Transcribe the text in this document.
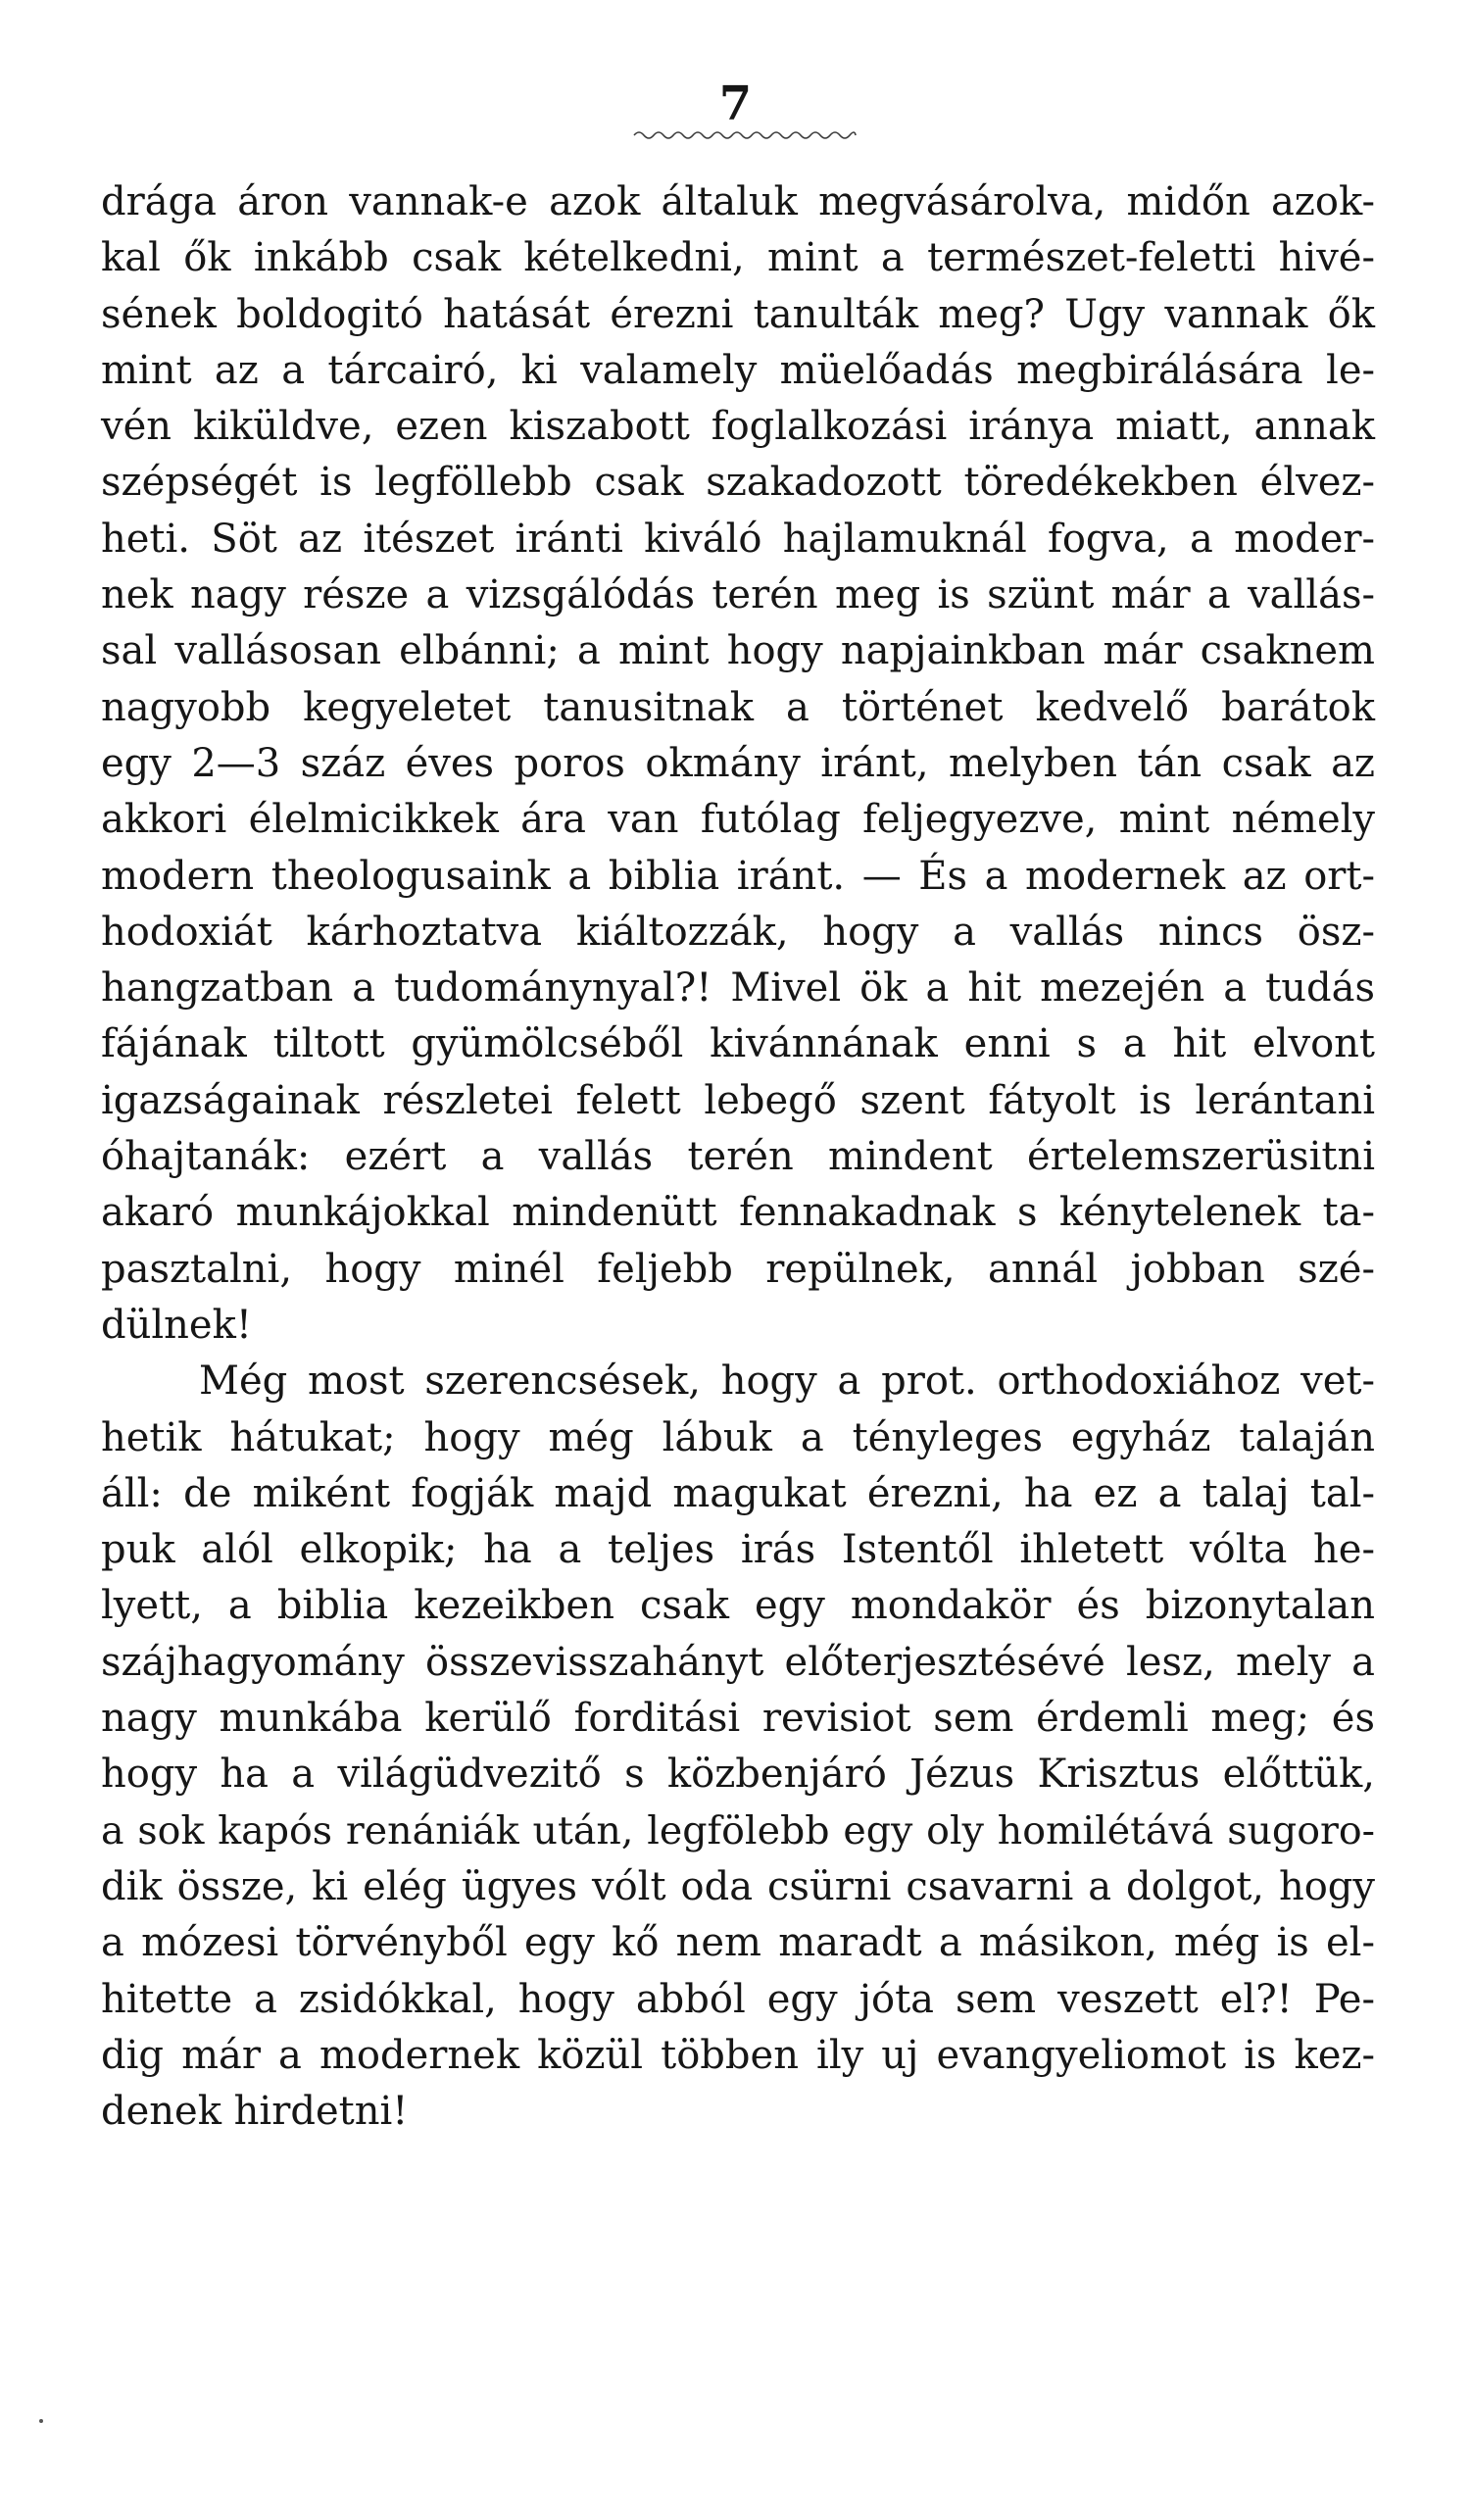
7
drága áron vannak-e azok általuk megvásárolva, midőn azok-
kal ők inkább csak kételkedni, mint a természet-feletti hivé-
sének boldogitó hatását érezni tanulták meg? Ugy vannak ők
mint az a tárcairó, ki valamely müelőadás megbirálására le-
vén kiküldve, ezen kiszabott foglalkozási iránya miatt, annak
szépségét is legföllebb csak szakadozott töredékekben élvez-
heti. Söt az itészet iránti kiváló hajlamuknál fogva, a moder-
nek nagy része a vizsgálódás terén meg is szünt már a vallás-
sal vallásosan elbánni; a mint hogy napjainkban már csaknem
nagyobb kegyeletet tanusitnak a történet kedvelő barátok
egy 2—3 száz éves poros okmány iránt, melyben tán csak az
akkori élelmicikkek ára van futólag feljegyezve, mint némely
modern theologusaink a biblia iránt. — És a modernek az ort-
hodoxiát kárhoztatva kiáltozzák, hogy a vallás nincs ösz-
hangzatban a tudománynyal?! Mivel ök a hit mezején a tudás
fájának tiltott gyümölcséből kivánnának enni s a hit elvont
igazságainak részletei felett lebegő szent fátyolt is lerántani
óhajtanák: ezért a vallás terén mindent értelemszerüsitni
akaró munkájokkal mindenütt fennakadnak s kénytelenek ta-
pasztalni, hogy minél feljebb repülnek, annál jobban szé-
dülnek!
Még most szerencsések, hogy a prot. orthodoxiához vet-
hetik hátukat; hogy még lábuk a tényleges egyház talaján
áll: de miként fogják majd magukat érezni, ha ez a talaj tal-
puk alól elkopik; ha a teljes irás Istentől ihletett vólta he-
lyett, a biblia kezeikben csak egy mondakör és bizonytalan
szájhagyomány összevisszahányt előterjesztésévé lesz, mely a
nagy munkába kerülő forditási revisiot sem érdemli meg; és
hogy ha a világüdvezitő s közbenjáró Jézus Krisztus előttük,
a sok kapós renániák után, legfölebb egy oly homilétává sugoro-
dik össze, ki elég ügyes vólt oda csürni csavarni a dolgot, hogy
a mózesi törvényből egy kő nem maradt a másikon, még is el-
hitette a zsidókkal, hogy abból egy jóta sem veszett el?! Pe-
dig már a modernek közül többen ily uj evangyeliomot is kez-
denek hirdetni!
